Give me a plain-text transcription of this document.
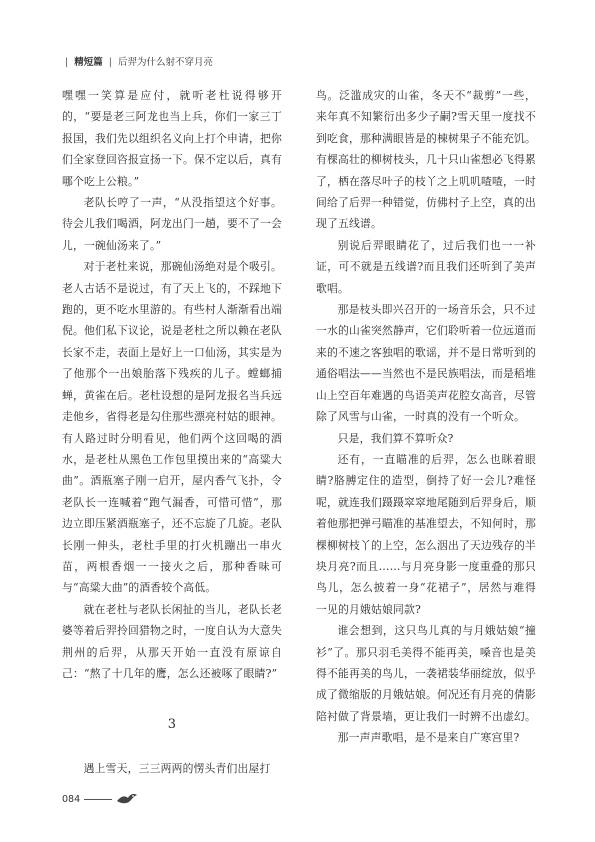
| 精短篇 | 后羿为什么射不穿月亮

嘿嘿一笑算是应付，就听老杜说得够开的，“要是老三阿龙也当上兵，你们一家三丁报国，我们先以组织名义向上打个申请，把你们全家登回咨报宣扬一下。保不定以后，真有哪个吃上公粮。”

老队长哼了一声，“从没指望这个好事。待会儿我们喝酒，阿龙出门一趟，要不了一会儿，一碗仙汤来了。”

对于老杜来说，那碗仙汤绝对是个吸引。老人古话不是说过，有了天上飞的，不踩地下跑的，更不吃水里游的。有些村人渐渐看出端倪。他们私下议论，说是老杜之所以赖在老队长家不走，表面上是好上一口仙汤，其实是为了他那个一出娘胎落下残疾的儿子。螳螂捕蝉，黄雀在后。老杜设想的是阿龙报名当兵远走他乡，省得老是勾住那些漂亮村姑的眼神。有人路过时分明看见，他们两个这回喝的酒水，是老杜从黑色工作包里摸出来的“高粱大曲”。酒瓶塞子刚一启开，屋内香气飞扑，令老队长一连喊着“跑气漏香，可惜可惜”，那边立即压紧酒瓶塞子，还不忘旋了几旋。老队长刚一伸头，老杜手里的打火机蹦出一串火苗，两根香烟一一接火之后，那种香味可与“高粱大曲”的酒香较个高低。

就在老杜与老队长闲扯的当儿，老队长老婆等着后羿拎回猎物之时，一度自认为大意失荆州的后羿，从那天开始一直没有原谅自己：“熬了十几年的鹰，怎么还被啄了眼睛?”

3

遇上雪天，三三两两的愣头青们出屋打

鸟。泛滥成灾的山雀，冬天不“裁剪”一些，来年真不知繁衍出多少子嗣?雪天里一度找不到吃食，那种满眼皆是的棟树果子不能充饥。有棵高壮的柳树枝头，几十只山雀想必飞得累了，栖在落尽叶子的枝丫之上叽叽喳喳，一时间给了后羿一种错觉，仿佛村子上空，真的出现了五线谱。

别说后羿眼睛花了，过后我们也一一补证，可不就是五线谱?而且我们还听到了美声歌唱。

那是枝头即兴召开的一场音乐会，只不过一水的山雀突然静声，它们聆听着一位远道而来的不速之客独唱的歌谣，并不是日常听到的通俗唱法——当然也不是民族唱法，而是稻堆山上空百年难遇的鸟语美声花腔女高音，尽管除了风雪与山雀，一时真的没有一个听众。

只是，我们算不算听众?

还有，一直瞄准的后羿，怎么也眯着眼睛?胳膊定住的造型，倒持了好一会儿?难怪呢，就连我们蹑蹑窣窣地尾随到后羿身后，顺着他那把弹弓瞄准的基准望去，不知何时，那棵柳树枝丫的上空，怎么洇出了天边残存的半块月亮?而且……与月亮身影一度重叠的那只鸟儿，怎么披着一身“花裙子”，居然与难得一见的月娥姑娘同款?

谁会想到，这只鸟儿真的与月娥姑娘“撞衫”了。那只羽毛美得不能再美，嗓音也是美得不能再美的鸟儿，一袭裙装华丽绽放，似乎成了微缩版的月娥姑娘。何况还有月亮的倩影陪衬做了背景墙，更让我们一时辨不出虚幻。

那一声声歌唱，是不是来自广寒宫里?

084
